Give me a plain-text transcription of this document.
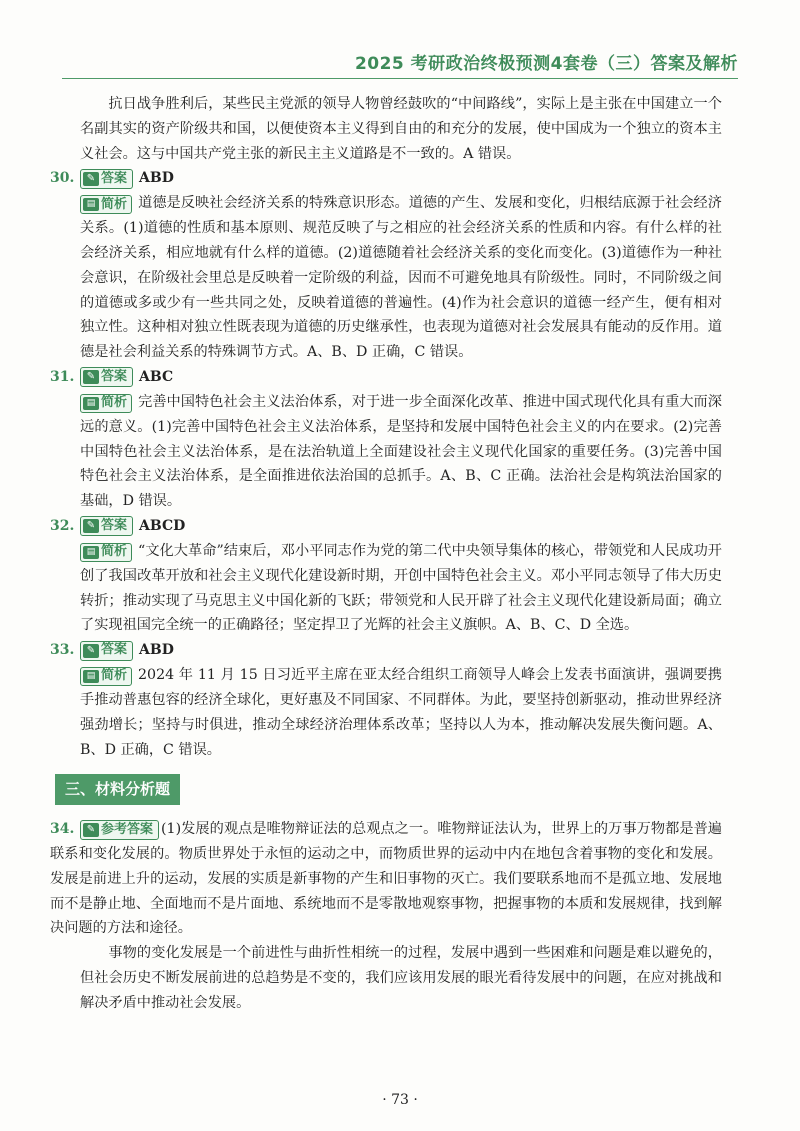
2025 考研政治终极预测4套卷（三）答案及解析

抗日战争胜利后，某些民主党派的领导人物曾经鼓吹的“中间路线”，实际上是主张在中国建立一个名副其实的资产阶级共和国，以便使资本主义得到自由的和充分的发展，使中国成为一个独立的资本主义社会。这与中国共产党主张的新民主主义道路是不一致的。A 错误。

30.	✎ 答案 ABD
▤ 简析 道德是反映社会经济关系的特殊意识形态。道德的产生、发展和变化，归根结底源于社会经济关系。(1)道德的性质和基本原则、规范反映了与之相应的社会经济关系的性质和内容。有什么样的社会经济关系，相应地就有什么样的道德。(2)道德随着社会经济关系的变化而变化。(3)道德作为一种社会意识，在阶级社会里总是反映着一定阶级的利益，因而不可避免地具有阶级性。同时，不同阶级之间的道德或多或少有一些共同之处，反映着道德的普遍性。(4)作为社会意识的道德一经产生，便有相对独立性。这种相对独立性既表现为道德的历史继承性，也表现为道德对社会发展具有能动的反作用。道德是社会利益关系的特殊调节方式。A、B、D 正确，C 错误。
31.	✎ 答案 ABC
▤ 简析 完善中国特色社会主义法治体系，对于进一步全面深化改革、推进中国式现代化具有重大而深远的意义。(1)完善中国特色社会主义法治体系，是坚持和发展中国特色社会主义的内在要求。(2)完善中国特色社会主义法治体系，是在法治轨道上全面建设社会主义现代化国家的重要任务。(3)完善中国特色社会主义法治体系，是全面推进依法治国的总抓手。A、B、C 正确。法治社会是构筑法治国家的基础，D 错误。
32.	✎ 答案 ABCD
▤ 简析 “文化大革命”结束后，邓小平同志作为党的第二代中央领导集体的核心，带领党和人民成功开创了我国改革开放和社会主义现代化建设新时期，开创中国特色社会主义。邓小平同志领导了伟大历史转折；推动实现了马克思主义中国化新的飞跃；带领党和人民开辟了社会主义现代化建设新局面；确立了实现祖国完全统一的正确路径；坚定捍卫了光辉的社会主义旗帜。A、B、C、D 全选。
33.	✎ 答案 ABD
▤ 简析 2024 年 11 月 15 日习近平主席在亚太经合组织工商领导人峰会上发表书面演讲，强调要携手推动普惠包容的经济全球化，更好惠及不同国家、不同群体。为此，要坚持创新驱动，推动世界经济强劲增长；坚持与时俱进，推动全球经济治理体系改革；坚持以人为本，推动解决发展失衡问题。A、B、D 正确，C 错误。
三、材料分析题
34.	✎ 参考答案 (1)发展的观点是唯物辩证法的总观点之一。唯物辩证法认为，世界上的万事万物都是普遍联系和变化发展的。物质世界处于永恒的运动之中，而物质世界的运动中内在地包含着事物的变化和发展。发展是前进上升的运动，发展的实质是新事物的产生和旧事物的灭亡。我们要联系地而不是孤立地、发展地而不是静止地、全面地而不是片面地、系统地而不是零散地观察事物，把握事物的本质和发展规律，找到解决问题的方法和途径。

事物的变化发展是一个前进性与曲折性相统一的过程，发展中遇到一些困难和问题是难以避免的，但社会历史不断发展前进的总趋势是不变的，我们应该用发展的眼光看待发展中的问题，在应对挑战和解决矛盾中推动社会发展。

· 73 ·
